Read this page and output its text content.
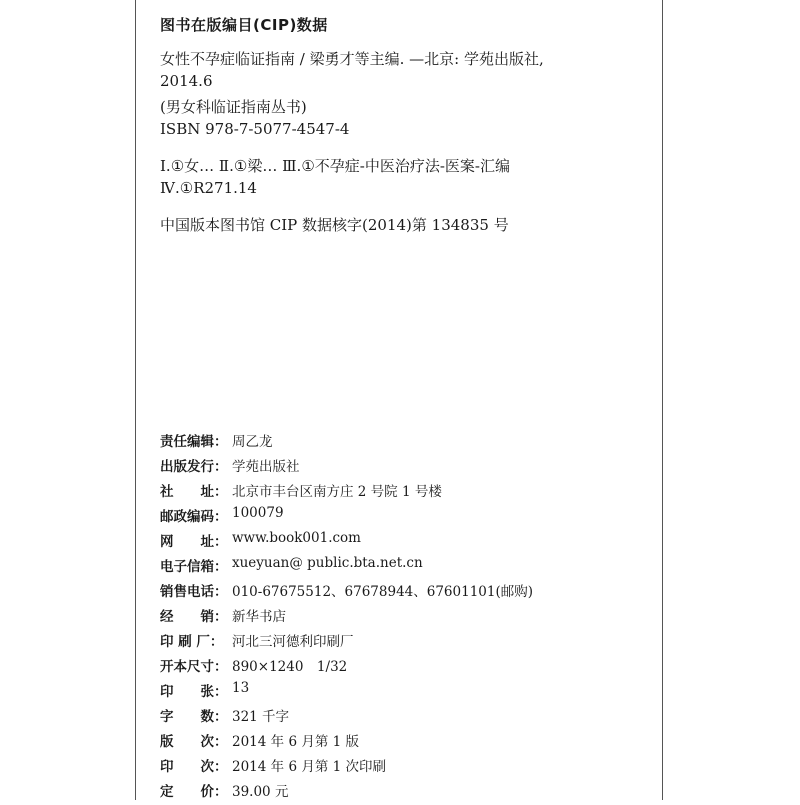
图书在版编目(CIP)数据
女性不孕症临证指南 / 梁勇才等主编. —北京: 学苑出版社,
2014.6
(男女科临证指南丛书)
ISBN 978-7-5077-4547-4
Ⅰ.①女… Ⅱ.①梁… Ⅲ.①不孕症-中医治疗法-医案-汇编
Ⅳ.①R271.14
中国版本图书馆 CIP 数据核字(2014)第 134835 号
责任编辑： 周乙龙
出版发行： 学苑出版社
社　　址： 北京市丰台区南方庄 2 号院 1 号楼
邮政编码： 100079
网　　址： www.book001.com
电子信箱： xueyuan@ public.bta.net.cn
销售电话： 010-67675512、67678944、67601101(邮购)
经　　销： 新华书店
印 刷 厂： 河北三河德利印刷厂
开本尺寸： 890×1240　1/32
印　　张： 13
字　　数： 321 千字
版　　次： 2014 年 6 月第 1 版
印　　次： 2014 年 6 月第 1 次印刷
定　　价： 39.00 元
